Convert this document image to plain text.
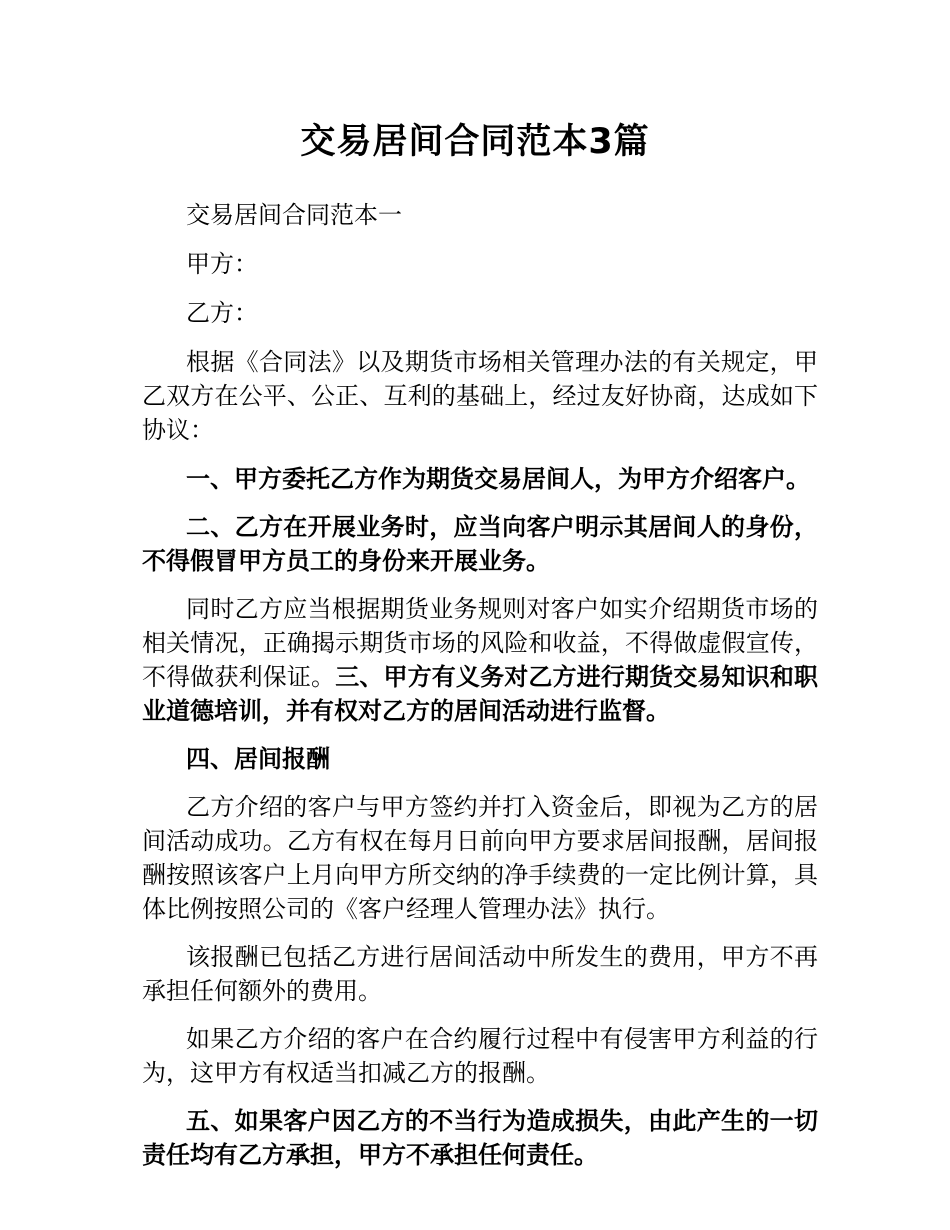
交易居间合同范本3篇

交易居间合同范本一

甲方：

乙方：

根据《合同法》以及期货市场相关管理办法的有关规定，甲乙双方在公平、公正、互利的基础上，经过友好协商，达成如下协议：

一、甲方委托乙方作为期货交易居间人，为甲方介绍客户。

二、乙方在开展业务时，应当向客户明示其居间人的身份，不得假冒甲方员工的身份来开展业务。

同时乙方应当根据期货业务规则对客户如实介绍期货市场的相关情况，正确揭示期货市场的风险和收益，不得做虚假宣传，不得做获利保证。三、甲方有义务对乙方进行期货交易知识和职业道德培训，并有权对乙方的居间活动进行监督。

四、居间报酬

乙方介绍的客户与甲方签约并打入资金后，即视为乙方的居间活动成功。乙方有权在每月日前向甲方要求居间报酬，居间报酬按照该客户上月向甲方所交纳的净手续费的一定比例计算，具体比例按照公司的《客户经理人管理办法》执行。

该报酬已包括乙方进行居间活动中所发生的费用，甲方不再承担任何额外的费用。

如果乙方介绍的客户在合约履行过程中有侵害甲方利益的行为，这甲方有权适当扣减乙方的报酬。

五、如果客户因乙方的不当行为造成损失，由此产生的一切责任均有乙方承担，甲方不承担任何责任。
